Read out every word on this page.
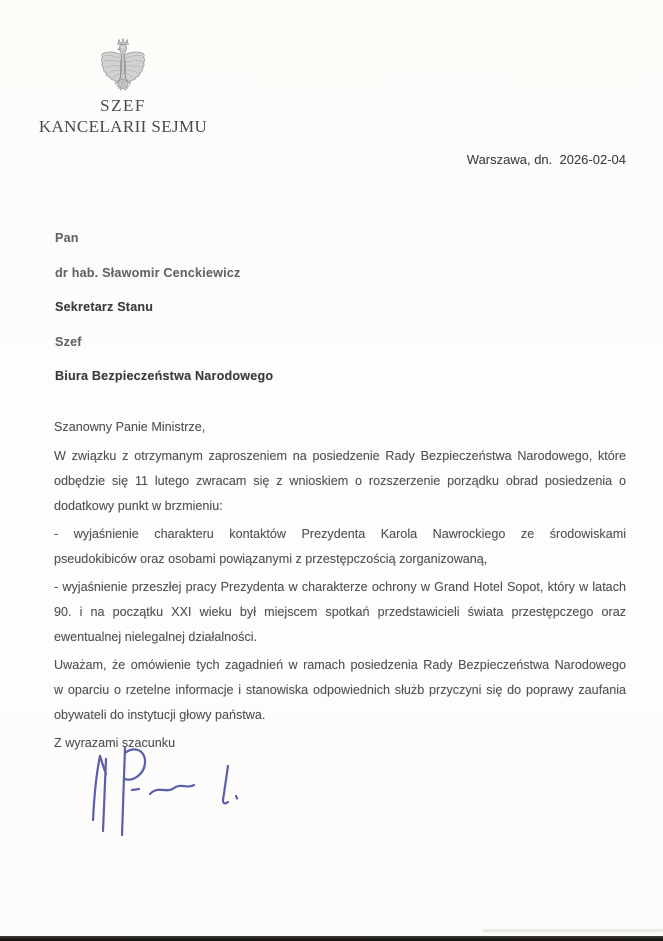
SZEF
KANCELARII SEJMU
Warszawa, dn.  2026-02-04
Pan
dr hab. Sławomir Cenckiewicz
Sekretarz Stanu
Szef
Biura Bezpieczeństwa Narodowego
Szanowny Panie Ministrze,
W związku z otrzymanym zaproszeniem na posiedzenie Rady Bezpieczeństwa Narodowego, które
odbędzie się 11 lutego zwracam się z wnioskiem o rozszerzenie porządku obrad posiedzenia o
dodatkowy punkt w brzmieniu:
- wyjaśnienie charakteru kontaktów Prezydenta Karola Nawrockiego ze środowiskami
pseudokibiców oraz osobami powiązanymi z przestępczością zorganizowaną,
- wyjaśnienie przeszłej pracy Prezydenta w charakterze ochrony w Grand Hotel Sopot, który w latach
90. i na początku XXI wieku był miejscem spotkań przedstawicieli świata przestępczego oraz
ewentualnej nielegalnej działalności.
Uważam, że omówienie tych zagadnień w ramach posiedzenia Rady Bezpieczeństwa Narodowego
w oparciu o rzetelne informacje i stanowiska odpowiednich służb przyczyni się do poprawy zaufania
obywateli do instytucji głowy państwa.
Z wyrazami szacunku
